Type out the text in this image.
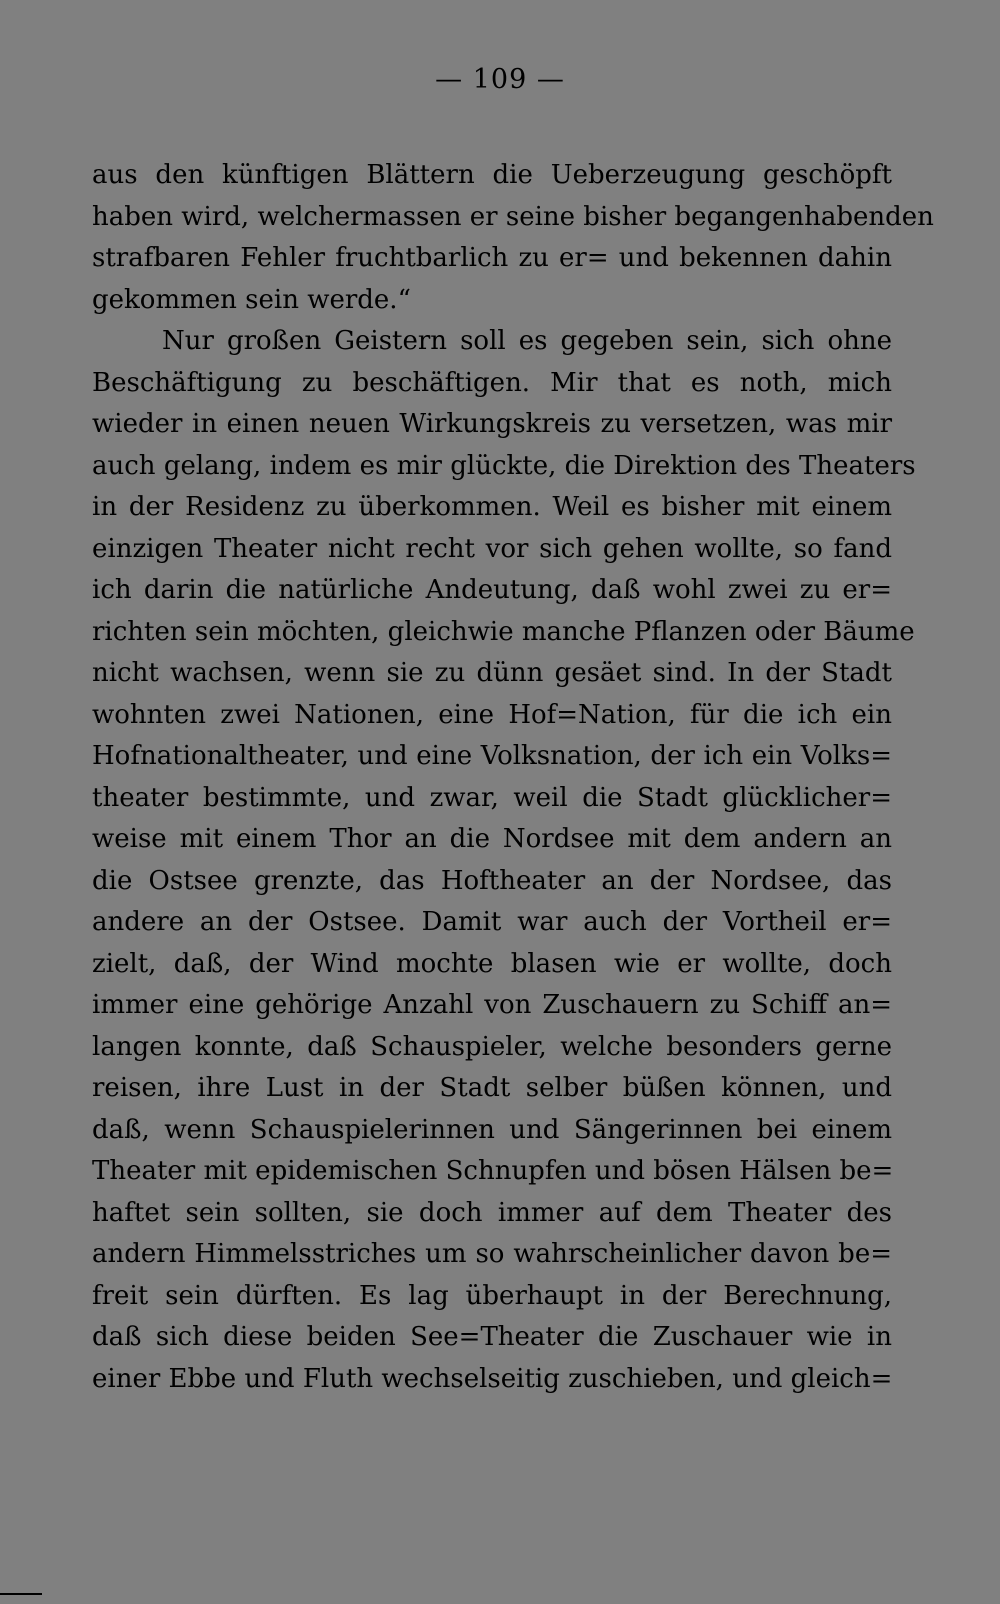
— 109 —
aus den künftigen Blättern die Ueberzeugung geschöpft
haben wird, welchermassen er seine bisher begangenhabenden
strafbaren Fehler fruchtbarlich zu er= und bekennen dahin
gekommen sein werde.“
Nur großen Geistern soll es gegeben sein, sich ohne
Beschäftigung zu beschäftigen. Mir that es noth, mich
wieder in einen neuen Wirkungskreis zu versetzen, was mir
auch gelang, indem es mir glückte, die Direktion des Theaters
in der Residenz zu überkommen. Weil es bisher mit einem
einzigen Theater nicht recht vor sich gehen wollte, so fand
ich darin die natürliche Andeutung, daß wohl zwei zu er=
richten sein möchten, gleichwie manche Pflanzen oder Bäume
nicht wachsen, wenn sie zu dünn gesäet sind. In der Stadt
wohnten zwei Nationen, eine Hof=Nation, für die ich ein
Hofnationaltheater, und eine Volksnation, der ich ein Volks=
theater bestimmte, und zwar, weil die Stadt glücklicher=
weise mit einem Thor an die Nordsee mit dem andern an
die Ostsee grenzte, das Hoftheater an der Nordsee, das
andere an der Ostsee. Damit war auch der Vortheil er=
zielt, daß, der Wind mochte blasen wie er wollte, doch
immer eine gehörige Anzahl von Zuschauern zu Schiff an=
langen konnte, daß Schauspieler, welche besonders gerne
reisen, ihre Lust in der Stadt selber büßen können, und
daß, wenn Schauspielerinnen und Sängerinnen bei einem
Theater mit epidemischen Schnupfen und bösen Hälsen be=
haftet sein sollten, sie doch immer auf dem Theater des
andern Himmelsstriches um so wahrscheinlicher davon be=
freit sein dürften. Es lag überhaupt in der Berechnung,
daß sich diese beiden See=Theater die Zuschauer wie in
einer Ebbe und Fluth wechselseitig zuschieben, und gleich=
